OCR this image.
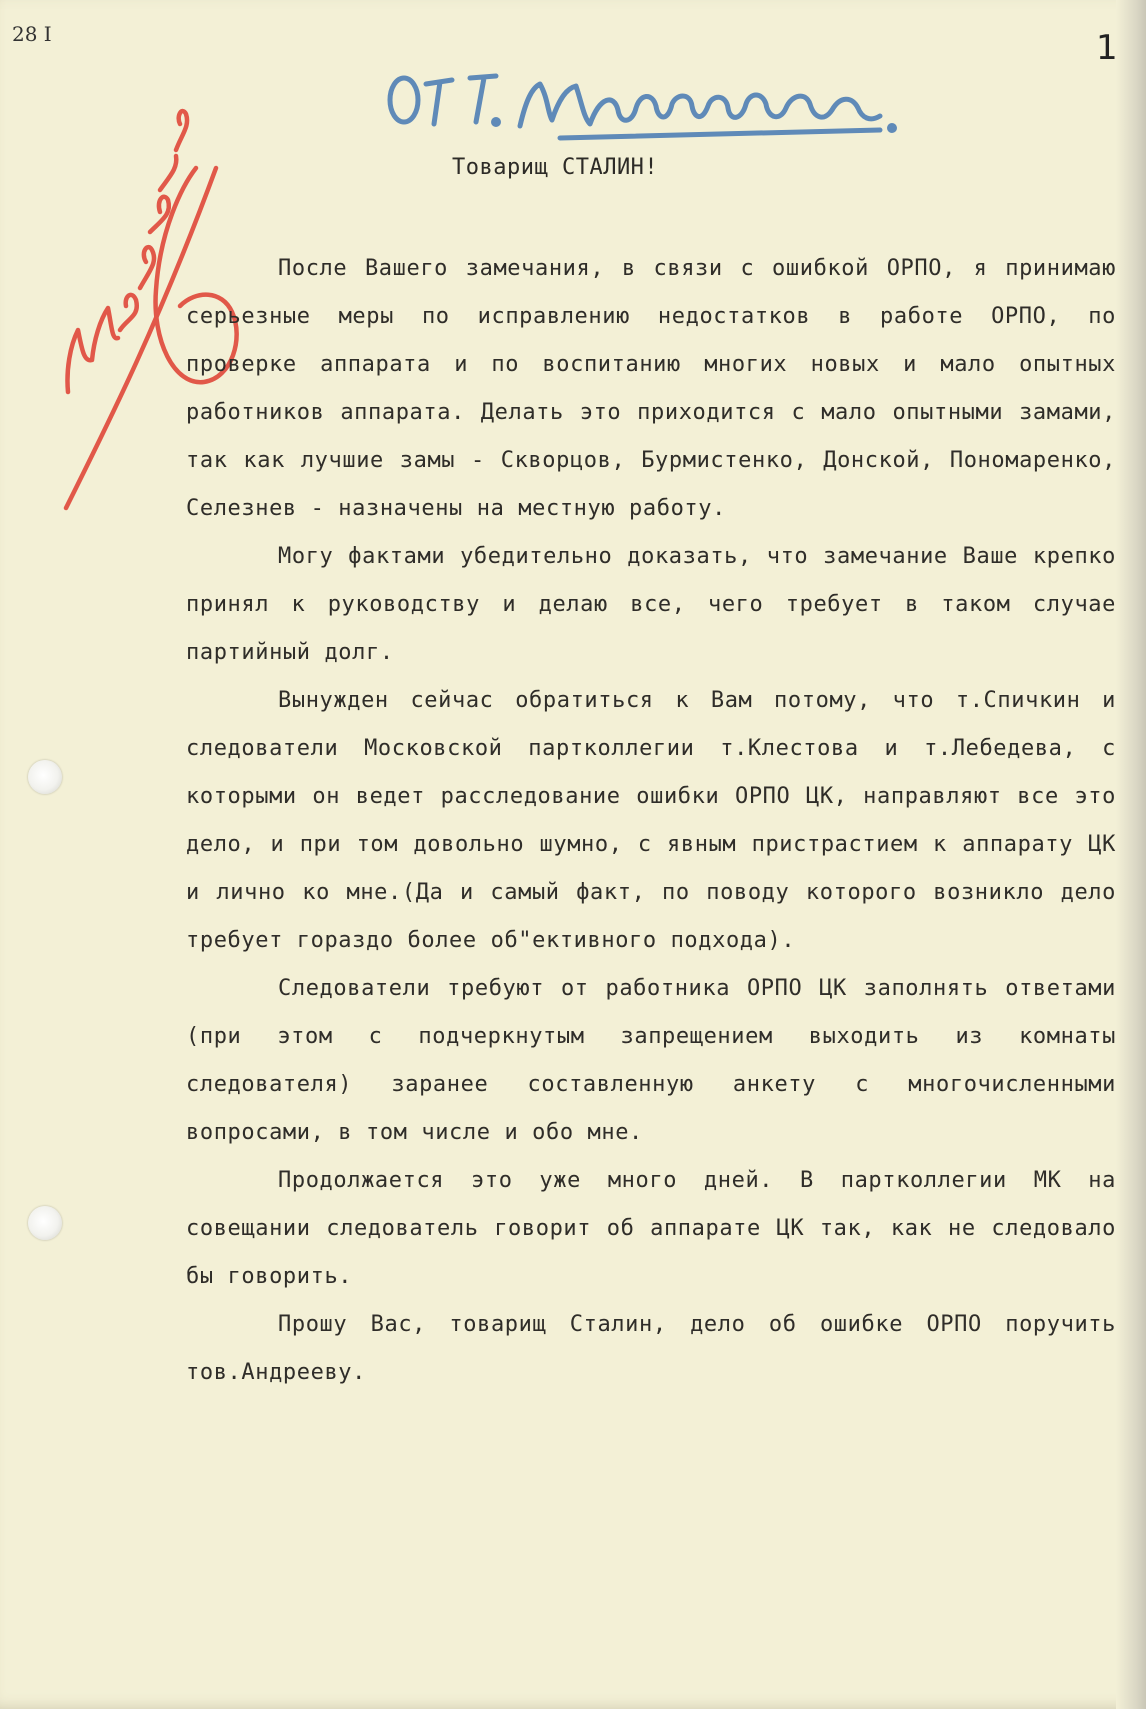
28 I	1
Товарищ СТАЛИН!

После Вашего замечания, в связи с ошибкой ОРПО, я принимаю серьезные меры по исправлению недостатков в работе ОРПО, по проверке аппарата и по воспитанию многих новых и мало опытных работников аппарата. Делать это приходится с мало опытными замами, так как лучшие замы - Скворцов, Бурмистенко, Донской, Пономаренко, Селезнев - назначены на местную работу.

Могу фактами убедительно доказать, что замечание Ваше крепко принял к руководству и делаю все, чего требует в таком случае партийный долг.

Вынужден сейчас обратиться к Вам потому, что т.Спичкин и следователи Московской партколлегии т.Клестова и т.Лебедева, с которыми он ведет расследование ошибки ОРПО ЦК, направляют все это дело, и при том довольно шумно, с явным пристрастием к аппарату ЦК и лично ко мне.(Да и самый факт, по поводу которого возникло дело требует гораздо более об"ективного подхода).

Следователи требуют от работника ОРПО ЦК заполнять ответами (при этом с подчеркнутым запрещением выходить из комнаты следователя) заранее составленную анкету с многочисленными вопросами, в том числе и обо мне.

Продолжается это уже много дней. В партколлегии МК на совещании следователь говорит об аппарате ЦК так, как не следовало бы говорить.

Прошу Вас, товарищ Сталин, дело об ошибке ОРПО поручить тов.Андрееву.
